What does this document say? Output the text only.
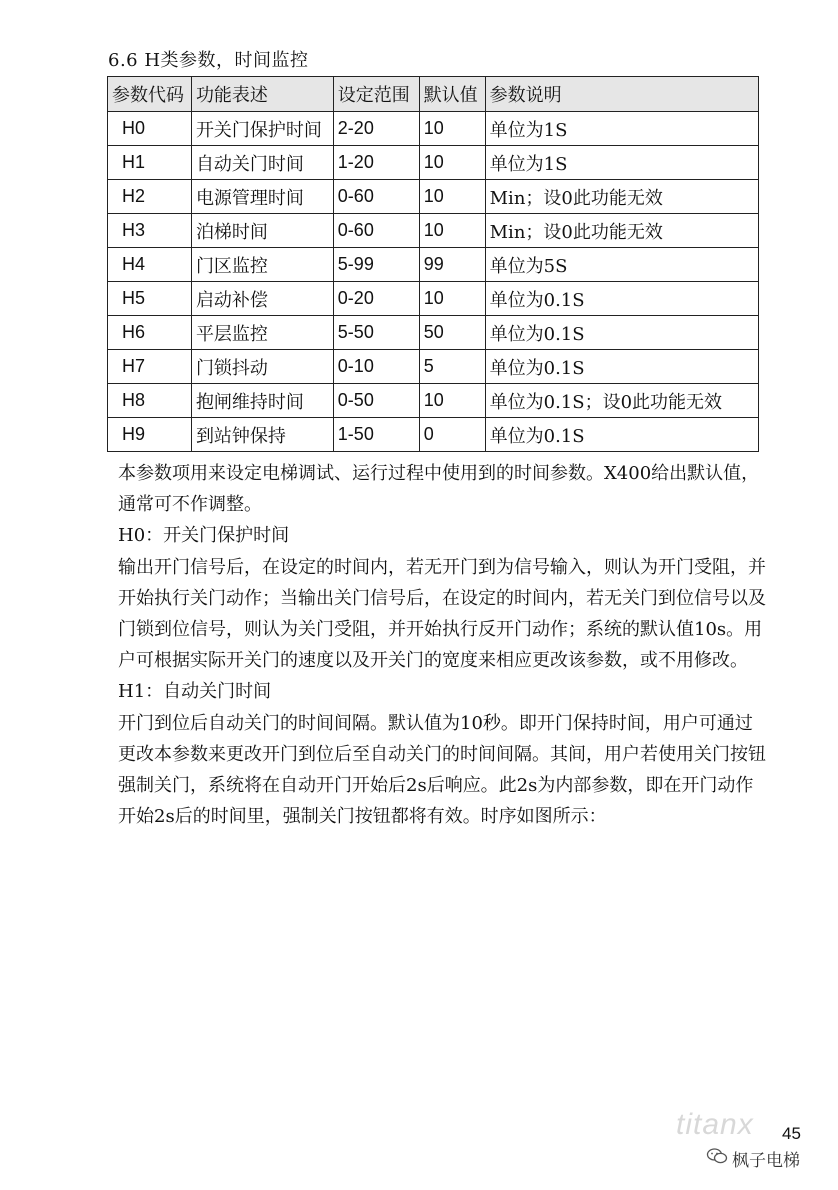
6.6 H类参数，时间监控
参数代码	功能表述	设定范围	默认值	参数说明
H0	开关门保护时间	2-20	10	单位为1S
H1	自动关门时间	1-20	10	单位为1S
H2	电源管理时间	0-60	10	Min；设0此功能无效
H3	泊梯时间	0-60	10	Min；设0此功能无效
H4	门区监控	5-99	99	单位为5S
H5	启动补偿	0-20	10	单位为0.1S
H6	平层监控	5-50	50	单位为0.1S
H7	门锁抖动	0-10	5	单位为0.1S
H8	抱闸维持时间	0-50	10	单位为0.1S；设0此功能无效
H9	到站钟保持	1-50	0	单位为0.1S

本参数项用来设定电梯调试、运行过程中使用到的时间参数。X400给出默认值，通常可不作调整。

H0：开关门保护时间

输出开门信号后，在设定的时间内，若无开门到为信号输入，则认为开门受阻，并开始执行关门动作；当输出关门信号后，在设定的时间内，若无关门到位信号以及门锁到位信号，则认为关门受阻，并开始执行反开门动作；系统的默认值10s。用户可根据实际开关门的速度以及开关门的宽度来相应更改该参数，或不用修改。

H1：自动关门时间

开门到位后自动关门的时间间隔。默认值为10秒。即开门保持时间，用户可通过更改本参数来更改开门到位后至自动关门的时间间隔。其间，用户若使用关门按钮强制关门，系统将在自动开门开始后2s后响应。此2s为内部参数，即在开门动作开始2s后的时间里，强制关门按钮都将有效。时序如图所示：

titanx 45
枫子电梯
